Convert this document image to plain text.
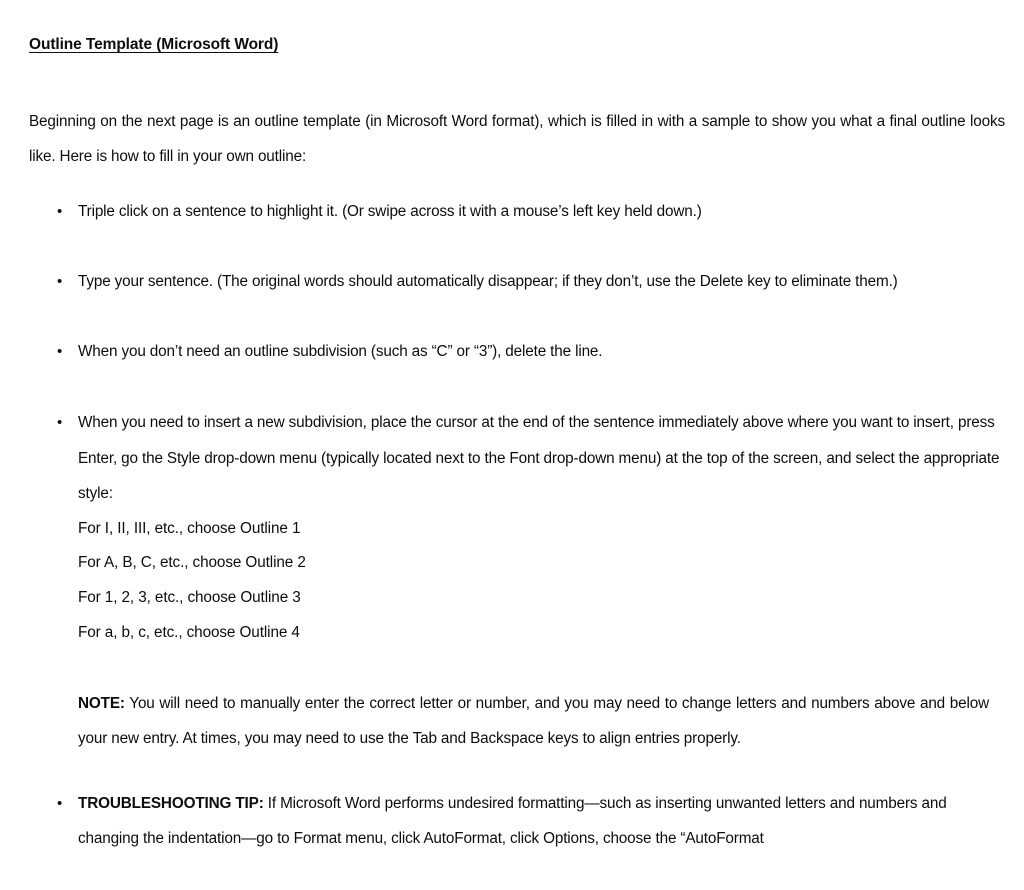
Outline Template (Microsoft Word)

Beginning on the next page is an outline template (in Microsoft Word format), which is filled in with a sample to show you what a final outline looks like. Here is how to fill in your own outline:

• Triple click on a sentence to highlight it. (Or swipe across it with a mouse’s left key held down.)
• Type your sentence. (The original words should automatically disappear; if they don’t, use the Delete key to eliminate them.)
• When you don’t need an outline subdivision (such as “C” or “3”), delete the line.
• When you need to insert a new subdivision, place the cursor at the end of the sentence immediately above where you want to insert, press Enter, go the Style drop-down menu (typically located next to the Font drop-down menu) at the top of the screen, and select the appropriate style:
For I, II, III, etc., choose Outline 1
For A, B, C, etc., choose Outline 2
For 1, 2, 3, etc., choose Outline 3
For a, b, c, etc., choose Outline 4
NOTE: You will need to manually enter the correct letter or number, and you may need to change letters and numbers above and below your new entry. At times, you may need to use the Tab and Backspace keys to align entries properly.
• TROUBLESHOOTING TIP: If Microsoft Word performs undesired formatting—such as inserting unwanted letters and numbers and changing the indentation—go to Format menu, click AutoFormat, click Options, choose the “AutoFormat
